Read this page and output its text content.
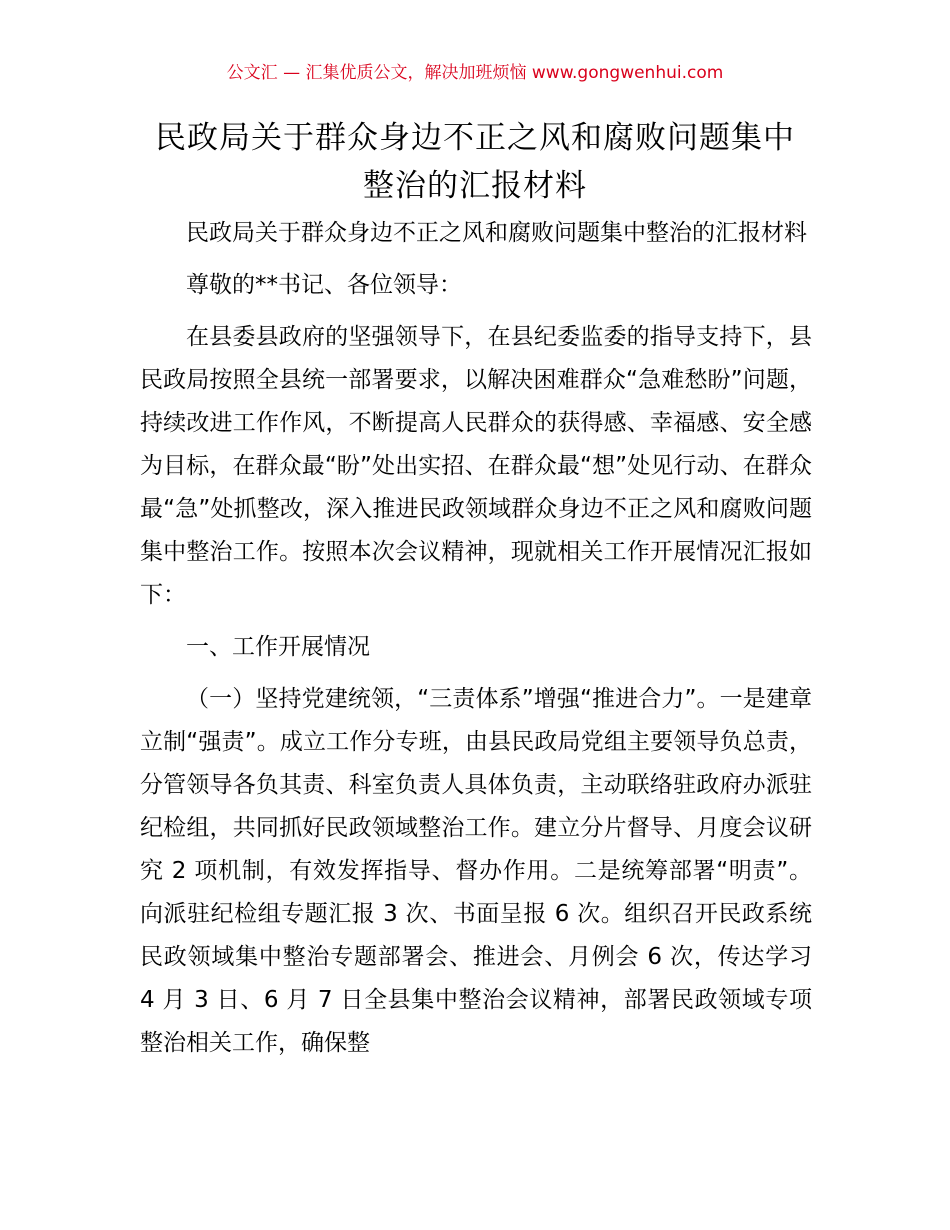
公文汇 — 汇集优质公文，解决加班烦恼 www.gongwenhui.com
民政局关于群众身边不正之风和腐败问题集中
整治的汇报材料

民政局关于群众身边不正之风和腐败问题集中整治的汇报材料

尊敬的**书记、各位领导：

在县委县政府的坚强领导下，在县纪委监委的指导支持下，县民政局按照全县统一部署要求，以解决困难群众“急难愁盼”问题，持续改进工作作风，不断提高人民群众的获得感、幸福感、安全感为目标，在群众最“盼”处出实招、在群众最“想”处见行动、在群众最“急”处抓整改，深入推进民政领域群众身边不正之风和腐败问题集中整治工作。按照本次会议精神，现就相关工作开展情况汇报如下：

一、工作开展情况

（一）坚持党建统领，“三责体系”增强“推进合力”。一是建章立制“强责”。成立工作分专班，由县民政局党组主要领导负总责，分管领导各负其责、科室负责人具体负责，主动联络驻政府办派驻纪检组，共同抓好民政领域整治工作。建立分片督导、月度会议研究 2 项机制，有效发挥指导、督办作用。二是统筹部署“明责”。向派驻纪检组专题汇报 3 次、书面呈报 6 次。组织召开民政系统民政领域集中整治专题部署会、推进会、月例会 6 次，传达学习 4 月 3 日、6 月 7 日全县集中整治会议精神，部署民政领域专项整治相关工作，确保整
